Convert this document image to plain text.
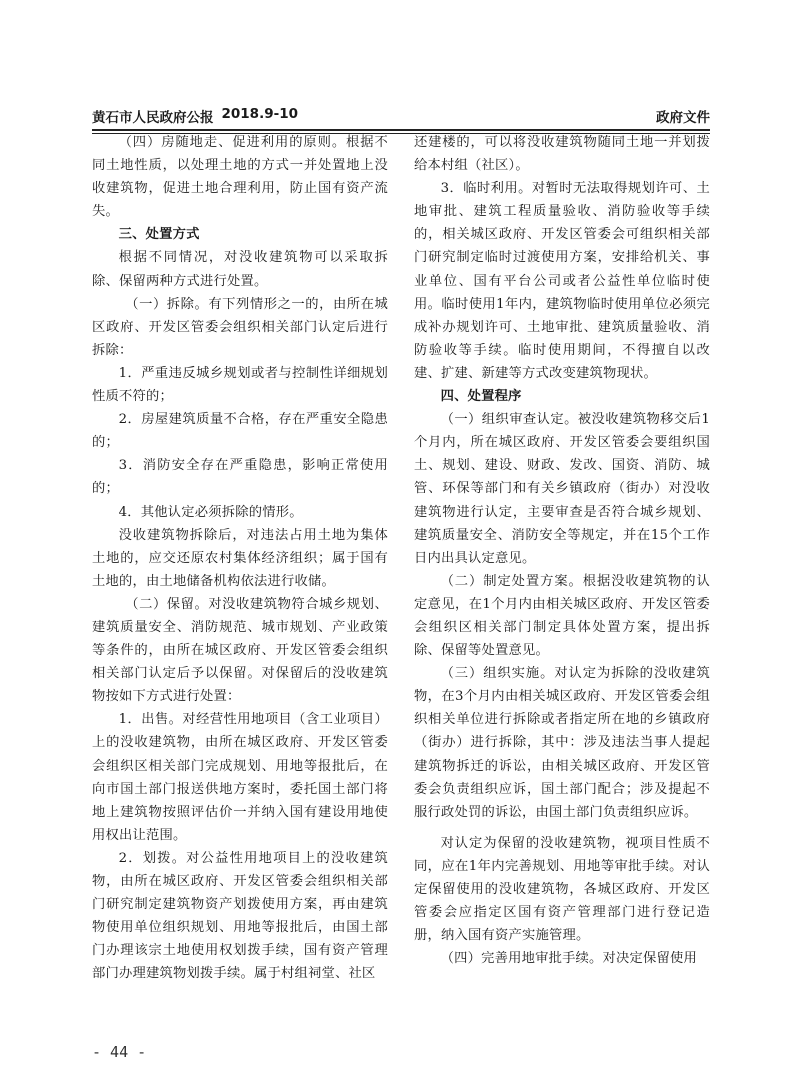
黄石市人民政府公报 2018.9-10	政府文件

（四）房随地走、促进利用的原则。根据不同土地性质，以处理土地的方式一并处置地上没收建筑物，促进土地合理利用，防止国有资产流失。

三、处置方式

根据不同情况，对没收建筑物可以采取拆除、保留两种方式进行处置。

（一）拆除。有下列情形之一的，由所在城区政府、开发区管委会组织相关部门认定后进行拆除：

1．严重违反城乡规划或者与控制性详细规划性质不符的；

2．房屋建筑质量不合格，存在严重安全隐患的；

3．消防安全存在严重隐患，影响正常使用的；

4．其他认定必须拆除的情形。

没收建筑物拆除后，对违法占用土地为集体土地的，应交还原农村集体经济组织；属于国有土地的，由土地储备机构依法进行收储。

（二）保留。对没收建筑物符合城乡规划、建筑质量安全、消防规范、城市规划、产业政策等条件的，由所在城区政府、开发区管委会组织相关部门认定后予以保留。对保留后的没收建筑物按如下方式进行处置：

1．出售。对经营性用地项目（含工业项目）上的没收建筑物，由所在城区政府、开发区管委会组织区相关部门完成规划、用地等报批后，在向市国土部门报送供地方案时，委托国土部门将地上建筑物按照评估价一并纳入国有建设用地使用权出让范围。

2．划拨。对公益性用地项目上的没收建筑物，由所在城区政府、开发区管委会组织相关部门研究制定建筑物资产划拨使用方案，再由建筑物使用单位组织规划、用地等报批后，由国土部门办理该宗土地使用权划拨手续，国有资产管理部门办理建筑物划拨手续。属于村组祠堂、社区

还建楼的，可以将没收建筑物随同土地一并划拨给本村组（社区）。

3．临时利用。对暂时无法取得规划许可、土地审批、建筑工程质量验收、消防验收等手续的，相关城区政府、开发区管委会可组织相关部门研究制定临时过渡使用方案，安排给机关、事业单位、国有平台公司或者公益性单位临时使用。临时使用1年内，建筑物临时使用单位必须完成补办规划许可、土地审批、建筑质量验收、消防验收等手续。临时使用期间，不得擅自以改建、扩建、新建等方式改变建筑物现状。

四、处置程序

（一）组织审查认定。被没收建筑物移交后1个月内，所在城区政府、开发区管委会要组织国土、规划、建设、财政、发改、国资、消防、城管、环保等部门和有关乡镇政府（街办）对没收建筑物进行认定，主要审查是否符合城乡规划、建筑质量安全、消防安全等规定，并在15个工作日内出具认定意见。

（二）制定处置方案。根据没收建筑物的认定意见，在1个月内由相关城区政府、开发区管委会组织区相关部门制定具体处置方案，提出拆除、保留等处置意见。

（三）组织实施。对认定为拆除的没收建筑物，在3个月内由相关城区政府、开发区管委会组织相关单位进行拆除或者指定所在地的乡镇政府（街办）进行拆除，其中：涉及违法当事人提起建筑物拆迁的诉讼，由相关城区政府、开发区管委会负责组织应诉，国土部门配合；涉及提起不服行政处罚的诉讼，由国土部门负责组织应诉。

对认定为保留的没收建筑物，视项目性质不同，应在1年内完善规划、用地等审批手续。对认定保留使用的没收建筑物，各城区政府、开发区管委会应指定区国有资产管理部门进行登记造册，纳入国有资产实施管理。

（四）完善用地审批手续。对决定保留使用

- 44 -
